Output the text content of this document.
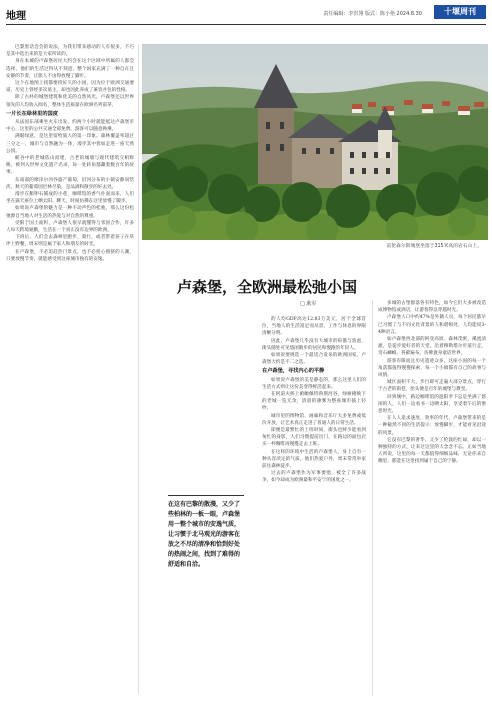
地理	责任编辑：李洪翎 版式：陈小艳 2024.8.30	十堰周刊

巴黎黑话会会的说法，为我们带来感动的人有很多，不巧是其中选出来的是大家所读的。

身在本城的卢森堡居民大约会在这个区域中所属的人都会选择，他们的生活过得从不刻意，整个国家充满了一种自在且安静的节奏，让旅人不由得放慢了脚步。

这个在地图上找都要找好久的小国，因为位于欧洲交通要道，历史上曾经多次易主，却也因此养成了兼容并包的性格。

除了古朴的城堡建筑和优美的自然风光，卢森堡还以世界领先的人均收入闻名，整体生活质量在欧洲名列前茅。

一片长在绿林里的国度

从法国东部乘坐火车出发，约两个小时就能抵达卢森堡市中心，这里的公共交通全部免费，游客可以随意换乘。

满眼绿意，是这里留给旅人的第一印象。森林覆盖率超过三分之一，城市与自然融为一体，漫步其中犹如走进一座天然公园。

峡谷中的老城依山而建，古老的城墙与现代建筑交相辉映，被列入世界文化遗产名录，每一处转角都藏着数百年的故事。

东南部的摩泽尔河谷盛产葡萄，沿河分布的小镇安静而恬淡，秋天的葡萄园层林尽染，是品酒和散步的好去处。

漫步在鹅卵石铺成的小巷，咖啡馆的香气扑面而来，人们坐在露天座位上晒太阳、聊天，时间仿佛在这里放慢了脚步。

如果说卢森堡的魅力是一种不动声色的松弛，那么这份松弛源自当地人对生活的热爱与对自然的尊重。

受限于国土面积，卢森堡人很早就懂得与邻国合作，许多人每天跨境通勤，生活在一个真正没有边界的欧洲。

下班后，人们会去森林里跑步、骑行，或者带着孩子在草坪上野餐，周末则是属于家人和朋友的时光。

在卢森堡，不必追赶热门景点，也不必担心拥挤的人潮，只要放慢节奏，就能感受到这座城市独有的安逸。

雷伦森尔斯城堡坐落于315米高的岩石山上。
卢森堡，全欧洲最松弛小国
□ 耿军

的人均GDP高达12.83万美元，居于全球首位，当地人的生活富足而从容，工作与休息的界限清晰分明。

因此，卢森堡几乎没有大城市的喧嚣与焦虑，街头随处可见悠闲散步的居民和慢跑的年轻人。

如果说要挑选一个最适合发呆的欧洲国家，卢森堡大约是不二之选。

在卢森堡，寻找内心的平静

如果说卢森堡的美是静态的，那么这里人们的生活方式则让这份美变得鲜活起来。

在阿道夫桥上俯瞰佩特鲁斯河谷，绿树掩映下的老城一览无余，清晨的薄雾为整座城市披上轻纱。

城市里的博物馆、画廊和音乐厅大多免费或低价开放，让艺术真正走进了普通人的日常生活。

即便是最繁忙的上班时间，街头也鲜少能看到匆忙的身影，人们习惯提前出门，在路边的面包店买一杯咖啡再慢慢走去上班。

在这样的环境中生活的卢森堡人，身上自有一种从容淡定的气质。他们热爱户外，周末常常举家前往森林徒步。

过去的卢森堡作为军事要塞，被全了许多战争，如今却成为欧洲最和平安宁的国度之一。

在这有巴黎的散漫，又少了些柏林的一板一眼，卢森堡用一整个城市的安逸气质，让习惯于北马观光的游客在放之不尽的清净和恰到好处的热闹之间，找到了难得的舒适和自洽。

多城的古堡群落各有特色，如今它们大多被改造成博物馆或酒店，让游客得以穿越时光。

卢森堡人口中约47%是外籍人员，每个居民都早已习惯了与不同文化背景的人和谐相处，人均能说3-4种语言。

如卢森堡西北部的阿登高原，森林茂密，溪流清澈，是徒步爱好者的天堂。沿着穆勒塔尔步道行走，奇石嶙峋、苔藓遍布，仿佛置身童话世界。

游客有限而且历史遗迹众多，这座小国的每一个角落都值得慢慢探索，每一个小镇都有自己的故事与风情。

城区面积不大，步行即可走遍大部分景点，穿行于古老的街巷，抬头便是百年的城堡与教堂。

同到城中，路边咖啡馆的遮阳伞下总是坐满了悠闲的人，人们一边看书一边晒太阳，享受着午后的惬意时光。

在人人追求速度、效率的年代，卢森堡带来的是一种截然不同的生活提示：放慢脚步，才能看见沿途的风景。

它没有巴黎的奢华，又少了伦敦的忙碌，却以一种独特的方式，让来过这里的人念念不忘。正如当地人所说，这里的每一天都值得细细品味，无论你来自哪里，都能在这里找到属于自己的宁静。
